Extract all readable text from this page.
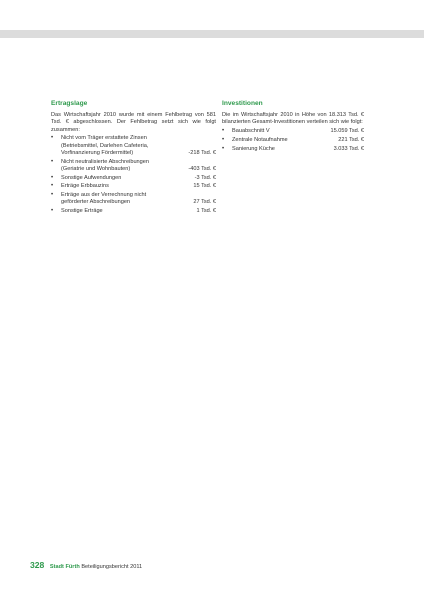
Ertragslage
Das Wirtschaftsjahr 2010 wurde mit einem Fehlbetrag von 581 Tsd. € abgeschlossen. Der Fehlbetrag setzt sich wie folgt zusammen:
• Nicht vom Träger erstattete Zinsen
(Betriebsmittel, Darlehen Cafeteria,
Vorfinanzierung Fördermittel)	-218 Tsd. €
• Nicht neutralisierte Abschreibungen
(Geriatrie und Wohnbauten)	-403 Tsd. €
• Sonstige Aufwendungen	-3 Tsd. €
• Erträge Erbbauzins	15 Tsd. €
• Erträge aus der Verrechnung nicht
geförderter Abschreibungen	27 Tsd. €
• Sonstige Erträge	1 Tsd. €
Investitionen
Die im Wirtschaftsjahr 2010 in Höhe von 18.313 Tsd. € bilanzierten Gesamt-Investitionen verteilen sich wie folgt:
• Bauabschnitt V	15.059 Tsd. €
• Zentrale Notaufnahme	221 Tsd. €
• Sanierung Küche	3.033 Tsd. €
328 Stadt Fürth Beteiligungsbericht 2011
